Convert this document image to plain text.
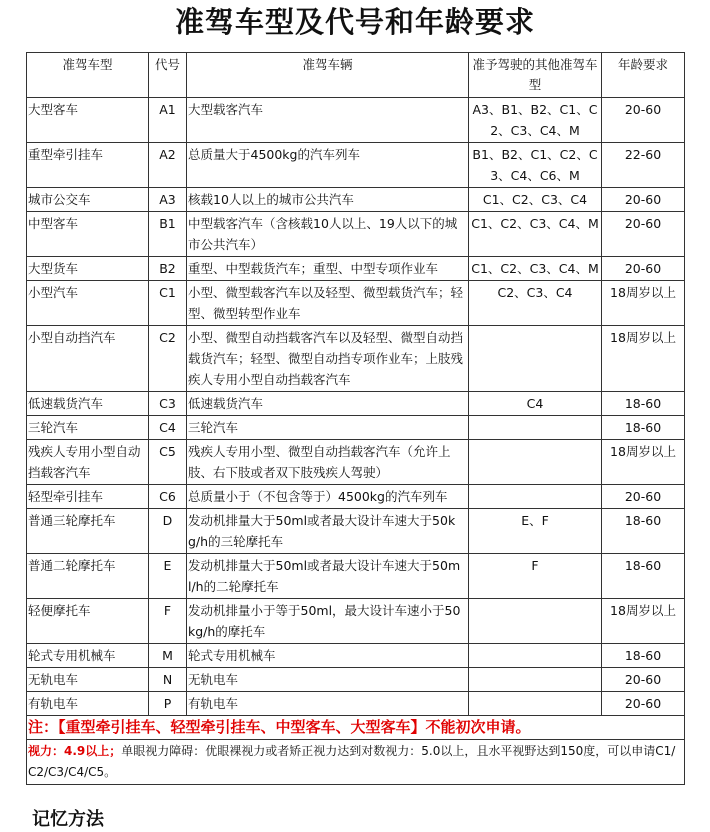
准驾车型及代号和年龄要求
准驾车型	代号	准驾车辆	准予驾驶的其他准驾车型	年龄要求
大型客车	A1	大型载客汽车	A3、B1、B2、C1、C2、C3、C4、M	20-60
重型牵引挂车	A2	总质量大于4500kg的汽车列车	B1、B2、C1、C2、C3、C4、C6、M	22-60
城市公交车	A3	核载10人以上的城市公共汽车	C1、C2、C3、C4	20-60
中型客车	B1	中型载客汽车（含核载10人以上、19人以下的城市公共汽车）	C1、C2、C3、C4、M	20-60
大型货车	B2	重型、中型载货汽车；重型、中型专项作业车	C1、C2、C3、C4、M	20-60
小型汽车	C1	小型、微型载客汽车以及轻型、微型载货汽车；轻型、微型转型作业车	C2、C3、C4	18周岁以上
小型自动挡汽车	C2	小型、微型自动挡载客汽车以及轻型、微型自动挡载货汽车；轻型、微型自动挡专项作业车；上肢残疾人专用小型自动挡载客汽车		18周岁以上
低速载货汽车	C3	低速载货汽车	C4	18-60
三轮汽车	C4	三轮汽车		18-60
残疾人专用小型自动挡载客汽车	C5	残疾人专用小型、微型自动挡载客汽车（允许上肢、右下肢或者双下肢残疾人驾驶）		18周岁以上
轻型牵引挂车	C6	总质量小于（不包含等于）4500kg的汽车列车		20-60
普通三轮摩托车	D	发动机排量大于50ml或者最大设计车速大于50kg/h的三轮摩托车	E、F	18-60
普通二轮摩托车	E	发动机排量大于50ml或者最大设计车速大于50ml/h的二轮摩托车	F	18-60
轻便摩托车	F	发动机排量小于等于50ml，最大设计车速小于50kg/h的摩托车		18周岁以上
轮式专用机械车	M	轮式专用机械车		18-60
无轨电车	N	无轨电车		20-60
有轨电车	P	有轨电车		20-60
注：【重型牵引挂车、轻型牵引挂车、中型客车、大型客车】不能初次申请。				
视力：4.9以上；单眼视力障碍：优眼裸视力或者矫正视力达到对数视力：5.0以上，且水平视野达到150度，可以申请C1/C2/C3/C4/C5。				
记忆方法
